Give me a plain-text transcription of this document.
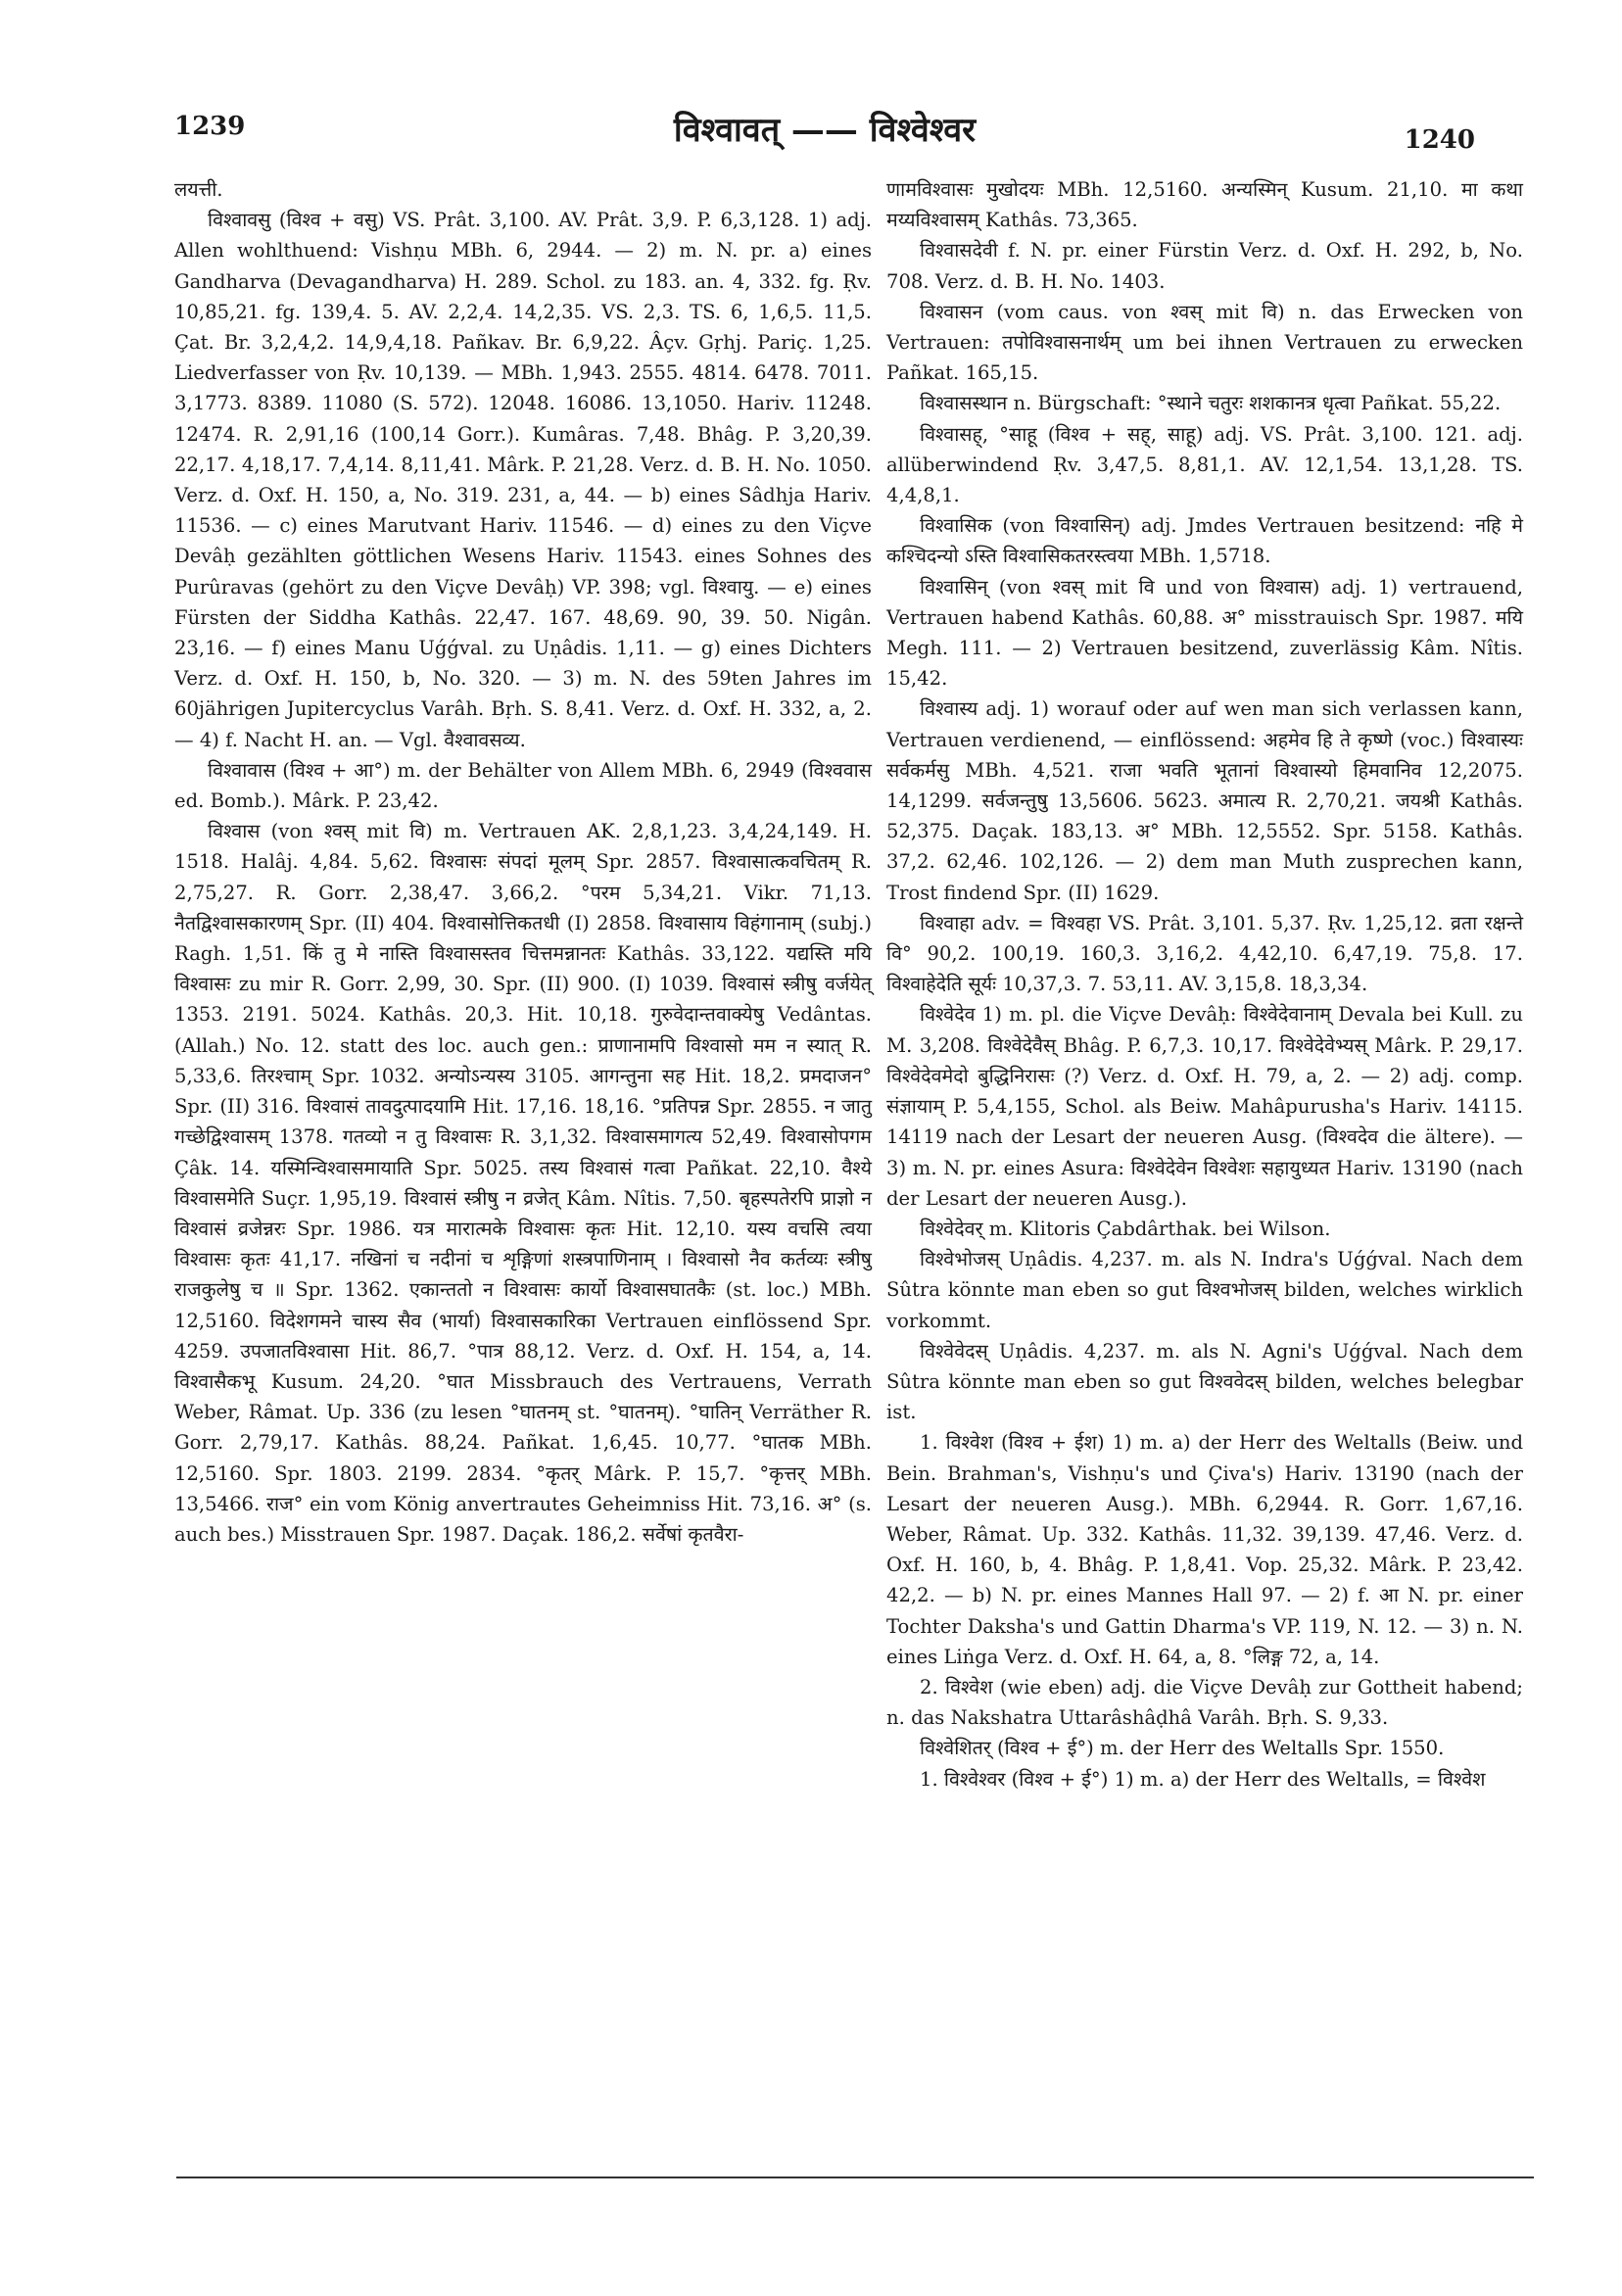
1239	विश्वावत् —— विश्वेश्वर	1240

लयत्ती.

विश्वावसु (विश्व + वसु) VS. Prât. 3,100. AV. Prât. 3,9. P. 6,3,128. 1) adj. Allen wohlthuend: Vishṇu MBh. 6, 2944. — 2) m. N. pr. a) eines Gandharva (Devagandharva) H. 289. Schol. zu 183. an. 4, 332. fg. Ṛv. 10,85,21. fg. 139,4. 5. AV. 2,2,4. 14,2,35. VS. 2,3. TS. 6, 1,6,5. 11,5. Çat. Br. 3,2,4,2. 14,9,4,18. Pañkav. Br. 6,9,22. Âçv. Gṛhj. Pariç. 1,25. Liedverfasser von Ṛv. 10,139. — MBh. 1,943. 2555. 4814. 6478. 7011. 3,1773. 8389. 11080 (S. 572). 12048. 16086. 13,1050. Hariv. 11248. 12474. R. 2,91,16 (100,14 Gorr.). Kumâras. 7,48. Bhâg. P. 3,20,39. 22,17. 4,18,17. 7,4,14. 8,11,41. Mârk. P. 21,28. Verz. d. B. H. No. 1050. Verz. d. Oxf. H. 150, a, No. 319. 231, a, 44. — b) eines Sâdhja Hariv. 11536. — c) eines Marutvant Hariv. 11546. — d) eines zu den Viçve Devâḥ gezählten göttlichen Wesens Hariv. 11543. eines Sohnes des Purûravas (gehört zu den Viçve Devâḥ) VP. 398; vgl. विश्वायु. — e) eines Fürsten der Siddha Kathâs. 22,47. 167. 48,69. 90, 39. 50. Nigân. 23,16. — f) eines Manu Uǵǵval. zu Uṇâdis. 1,11. — g) eines Dichters Verz. d. Oxf. H. 150, b, No. 320. — 3) m. N. des 59ten Jahres im 60jährigen Jupitercyclus Varâh. Bṛh. S. 8,41. Verz. d. Oxf. H. 332, a, 2. — 4) f. Nacht H. an. — Vgl. वैश्वावसव्य.

विश्वावास (विश्व + आ°) m. der Behälter von Allem MBh. 6, 2949 (विश्ववास ed. Bomb.). Mârk. P. 23,42.

विश्वास (von श्वस् mit वि) m. Vertrauen AK. 2,8,1,23. 3,4,24,149. H. 1518. Halâj. 4,84. 5,62. विश्वासः संपदां मूलम् Spr. 2857. विश्वासात्कवचितम् R. 2,75,27. R. Gorr. 2,38,47. 3,66,2. °परम 5,34,21. Vikr. 71,13. नैतद्विश्वासकारणम् Spr. (II) 404. विश्वासोत्तिकतधी (I) 2858. विश्वासाय विहंगानाम् (subj.) Ragh. 1,51. किं तु मे नास्ति विश्वासस्तव चित्तमन्नानतः Kathâs. 33,122. यद्यस्ति मयि विश्वासः zu mir R. Gorr. 2,99, 30. Spr. (II) 900. (I) 1039. विश्वासं स्त्रीषु वर्जयेत् 1353. 2191. 5024. Kathâs. 20,3. Hit. 10,18. गुरुवेदान्तवाक्येषु Vedântas. (Allah.) No. 12. statt des loc. auch gen.: प्राणानामपि विश्वासो मम न स्यात् R. 5,33,6. तिरश्चाम् Spr. 1032. अन्योऽन्यस्य 3105. आगन्तुना सह Hit. 18,2. प्रमदाजन° Spr. (II) 316. विश्वासं तावदुत्पादयामि Hit. 17,16. 18,16. °प्रतिपन्न Spr. 2855. न जातु गच्छेद्विश्वासम् 1378. गतव्यो न तु विश्वासः R. 3,1,32. विश्वासमागत्य 52,49. विश्वासोपगम Çâk. 14. यस्मिन्विश्वासमायाति Spr. 5025. तस्य विश्वासं गत्वा Pañkat. 22,10. वैश्ये विश्वासमेति Suçr. 1,95,19. विश्वासं स्त्रीषु न व्रजेत् Kâm. Nîtis. 7,50. बृहस्पतेरपि प्राज्ञो न विश्वासं व्रजेन्नरः Spr. 1986. यत्र मारात्मके विश्वासः कृतः Hit. 12,10. यस्य वचसि त्वया विश्वासः कृतः 41,17. नखिनां च नदीनां च शृङ्गिणां शस्त्रपाणिनाम् । विश्वासो नैव कर्तव्यः स्त्रीषु राजकुलेषु च ॥ Spr. 1362. एकान्ततो न विश्वासः कार्यो विश्वासघातकैः (st. loc.) MBh. 12,5160. विदेशगमने चास्य सैव (भार्या) विश्वासकारिका Vertrauen einflössend Spr. 4259. उपजातविश्वासा Hit. 86,7. °पात्र 88,12. Verz. d. Oxf. H. 154, a, 14. विश्वासैकभू Kusum. 24,20. °घात Missbrauch des Vertrauens, Verrath Weber, Râmat. Up. 336 (zu lesen °घातनम् st. °घातनम्). °घातिन् Verräther R. Gorr. 2,79,17. Kathâs. 88,24. Pañkat. 1,6,45. 10,77. °घातक MBh. 12,5160. Spr. 1803. 2199. 2834. °कृतर् Mârk. P. 15,7. °कृत्तर् MBh. 13,5466. राज° ein vom König anvertrautes Geheimniss Hit. 73,16. अ° (s. auch bes.) Misstrauen Spr. 1987. Daçak. 186,2. सर्वेषां कृतवैरा-

णामविश्वासः मुखोदयः MBh. 12,5160. अन्यस्मिन् Kusum. 21,10. मा कथा मय्यविश्वासम् Kathâs. 73,365.

विश्वासदेवी f. N. pr. einer Fürstin Verz. d. Oxf. H. 292, b, No. 708. Verz. d. B. H. No. 1403.

विश्वासन (vom caus. von श्वस् mit वि) n. das Erwecken von Vertrauen: तपोविश्वासनार्थम् um bei ihnen Vertrauen zu erwecken Pañkat. 165,15.

विश्वासस्थान n. Bürgschaft: °स्थाने चतुरः शशकानत्र धृत्वा Pañkat. 55,22.

विश्वासह्, °साहू (विश्व + सह्, साहू) adj. VS. Prât. 3,100. 121. adj. allüberwindend Ṛv. 3,47,5. 8,81,1. AV. 12,1,54. 13,1,28. TS. 4,4,8,1.

विश्वासिक (von विश्वासिन्) adj. Jmdes Vertrauen besitzend: नहि मे कश्चिदन्यो ऽस्ति विश्वासिकतरस्त्वया MBh. 1,5718.

विश्वासिन् (von श्वस् mit वि und von विश्वास) adj. 1) vertrauend, Vertrauen habend Kathâs. 60,88. अ° misstrauisch Spr. 1987. मयि Megh. 111. — 2) Vertrauen besitzend, zuverlässig Kâm. Nîtis. 15,42.

विश्वास्य adj. 1) worauf oder auf wen man sich verlassen kann, Vertrauen verdienend, — einflössend: अहमेव हि ते कृष्णे (voc.) विश्वास्यः सर्वकर्मसु MBh. 4,521. राजा भवति भूतानां विश्वास्यो हिमवानिव 12,2075. 14,1299. सर्वजन्तुषु 13,5606. 5623. अमात्य R. 2,70,21. जयश्री Kathâs. 52,375. Daçak. 183,13. अ° MBh. 12,5552. Spr. 5158. Kathâs. 37,2. 62,46. 102,126. — 2) dem man Muth zusprechen kann, Trost findend Spr. (II) 1629.

विश्वाहा adv. = विश्वहा VS. Prât. 3,101. 5,37. Ṛv. 1,25,12. व्रता रक्षन्ते वि° 90,2. 100,19. 160,3. 3,16,2. 4,42,10. 6,47,19. 75,8. 17. विश्वाहेदेति सूर्यः 10,37,3. 7. 53,11. AV. 3,15,8. 18,3,34.

विश्वेदेव 1) m. pl. die Viçve Devâḥ: विश्वेदेवानाम् Devala bei Kull. zu M. 3,208. विश्वेदेवैस् Bhâg. P. 6,7,3. 10,17. विश्वेदेवेभ्यस् Mârk. P. 29,17. विश्वेदेवमेदो बुद्धिनिरासः (?) Verz. d. Oxf. H. 79, a, 2. — 2) adj. comp. संज्ञायाम् P. 5,4,155, Schol. als Beiw. Mahâpurusha's Hariv. 14115. 14119 nach der Lesart der neueren Ausg. (विश्वदेव die ältere). — 3) m. N. pr. eines Asura: विश्वेदेवेन विश्वेशः सहायुध्यत Hariv. 13190 (nach der Lesart der neueren Ausg.).

विश्वेदेवर् m. Klitoris Çabdârthak. bei Wilson.

विश्वेभोजस् Uṇâdis. 4,237. m. als N. Indra's Uǵǵval. Nach dem Sûtra könnte man eben so gut विश्वभोजस् bilden, welches wirklich vorkommt.

विश्वेवेदस् Uṇâdis. 4,237. m. als N. Agni's Uǵǵval. Nach dem Sûtra könnte man eben so gut विश्ववेदस् bilden, welches belegbar ist.

1. विश्वेश (विश्व + ईश) 1) m. a) der Herr des Weltalls (Beiw. und Bein. Brahman's, Vishṇu's und Çiva's) Hariv. 13190 (nach der Lesart der neueren Ausg.). MBh. 6,2944. R. Gorr. 1,67,16. Weber, Râmat. Up. 332. Kathâs. 11,32. 39,139. 47,46. Verz. d. Oxf. H. 160, b, 4. Bhâg. P. 1,8,41. Vop. 25,32. Mârk. P. 23,42. 42,2. — b) N. pr. eines Mannes Hall 97. — 2) f. आ N. pr. einer Tochter Daksha's und Gattin Dharma's VP. 119, N. 12. — 3) n. N. eines Liṅga Verz. d. Oxf. H. 64, a, 8. °लिङ्ग 72, a, 14.

2. विश्वेश (wie eben) adj. die Viçve Devâḥ zur Gottheit habend; n. das Nakshatra Uttarâshâḍhâ Varâh. Bṛh. S. 9,33.

विश्वेशितर् (विश्व + ई°) m. der Herr des Weltalls Spr. 1550.

1. विश्वेश्वर (विश्व + ई°) 1) m. a) der Herr des Weltalls, = विश्वेश
